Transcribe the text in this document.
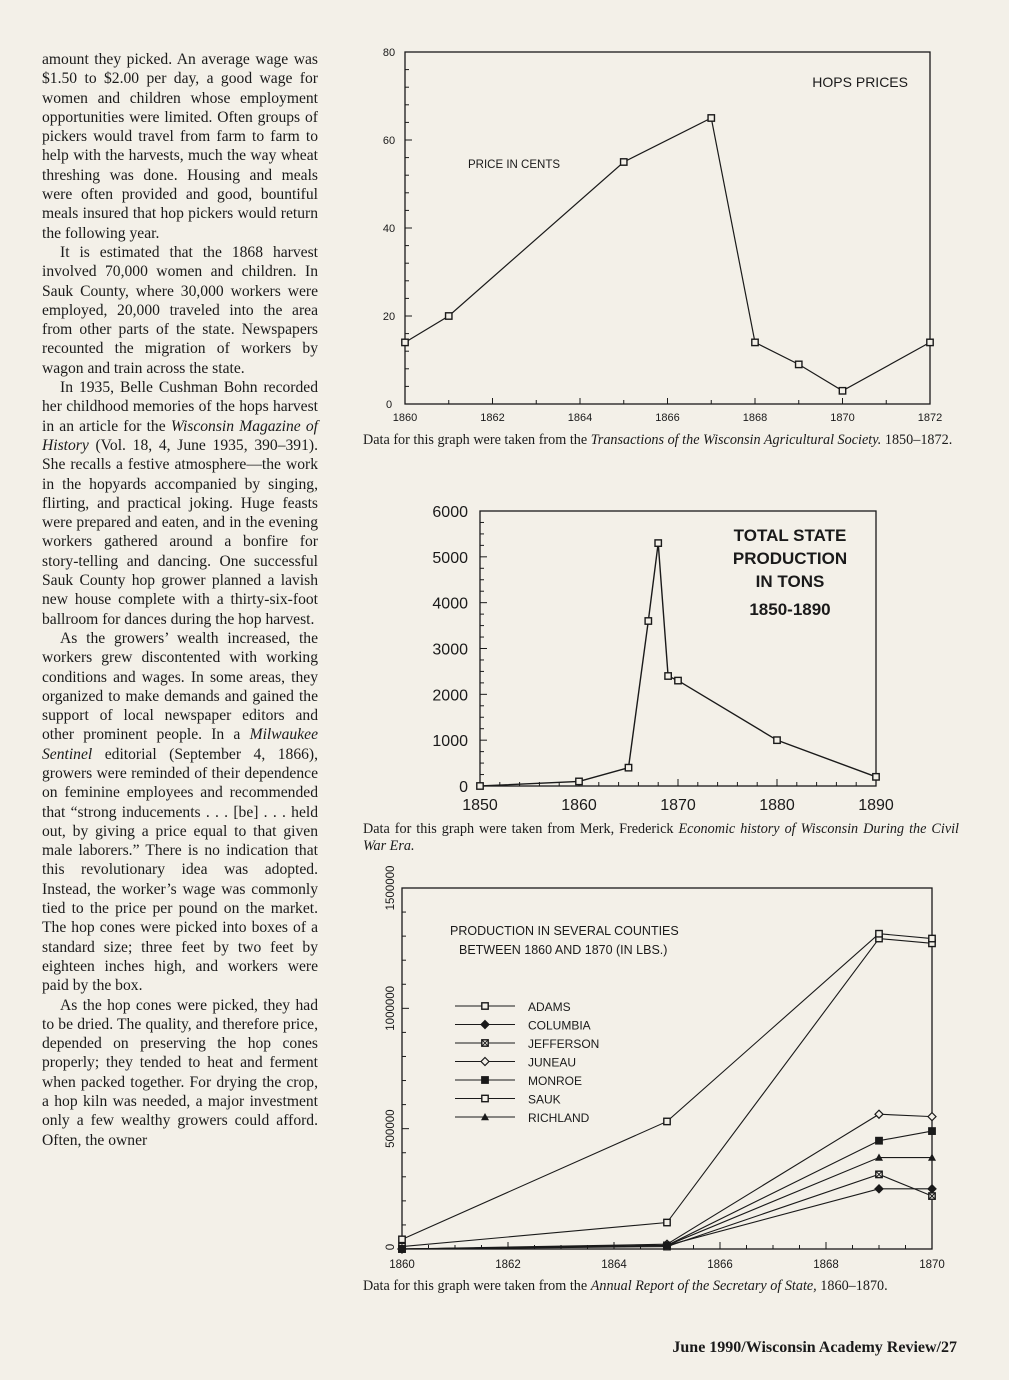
amount they picked. An average wage was $1.50 to $2.00 per day, a good wage for women and children whose employment opportunities were limited. Often groups of pickers would travel from farm to farm to help with the harvests, much the way wheat threshing was done. Housing and meals were often provided and good, bountiful meals insured that hop pickers would return the following year.

It is estimated that the 1868 harvest involved 70,000 women and children. In Sauk County, where 30,000 workers were employed, 20,000 traveled into the area from other parts of the state. Newspapers recounted the migration of workers by wagon and train across the state.

In 1935, Belle Cushman Bohn recorded her childhood memories of the hops harvest in an article for the Wisconsin Magazine of History (Vol. 18, 4, June 1935, 390–391). She recalls a festive atmosphere—the work in the hopyards accompanied by singing, flirting, and practical joking. Huge feasts were prepared and eaten, and in the evening workers gathered around a bonfire for story-telling and dancing. One successful Sauk County hop grower planned a lavish new house complete with a thirty-six-foot ballroom for dances during the hop harvest.

As the growers’ wealth increased, the workers grew discontented with working conditions and wages. In some areas, they organized to make demands and gained the support of local newspaper editors and other prominent people. In a Milwaukee Sentinel editorial (September 4, 1866), growers were reminded of their dependence on feminine employees and recommended that “strong inducements . . . [be] . . . held out, by giving a price equal to that given male laborers.” There is no indication that this revolutionary idea was adopted. Instead, the worker’s wage was commonly tied to the price per pound on the market. The hop cones were picked into boxes of a standard size; three feet by two feet by eighteen inches high, and workers were paid by the box.

As the hop cones were picked, they had to be dried. The quality, and therefore price, depended on preserving the hop cones properly; they tended to heat and ferment when packed together. For drying the crop, a hop kiln was needed, a major investment only a few wealthy growers could afford. Often, the owner

0
20
40
60
80
1860	1862	1864	1866	1868	1870	1872
HOPS PRICES
PRICE IN CENTS
Data for this graph were taken from the Transactions of the Wisconsin Agricultural Society. 1850–1872.
0
1000
2000
3000
4000
5000
6000
1850	1860	1870	1880	1890
TOTAL STATE
PRODUCTION
IN TONS
1850-1890
Data for this graph were taken from Merk, Frederick Economic history of Wisconsin During the Civil War Era.
0
500000
1000000
1500000
1860	1862	1864	1866	1868	1870
PRODUCTION IN SEVERAL COUNTIES
BETWEEN 1860 AND 1870 (IN LBS.)
ADAMS
COLUMBIA
JEFFERSON
JUNEAU
MONROE
SAUK
RICHLAND
Data for this graph were taken from the Annual Report of the Secretary of State, 1860–1870.
June 1990/Wisconsin Academy Review/27
